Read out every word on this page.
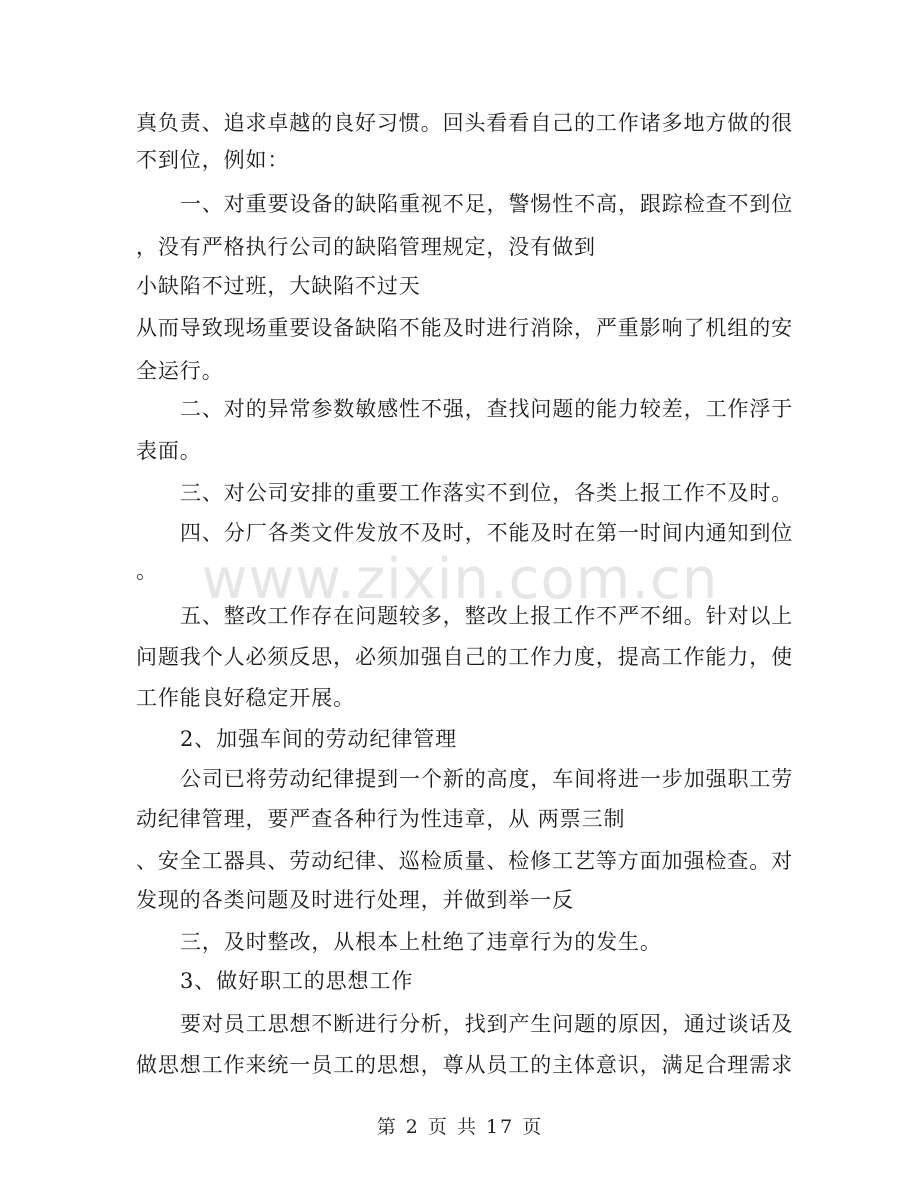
真负责、追求卓越的良好习惯。回头看看自己的工作诸多地方做的很
不到位，例如：
一、对重要设备的缺陷重视不足，警惕性不高，跟踪检查不到位
，没有严格执行公司的缺陷管理规定，没有做到
小缺陷不过班，大缺陷不过天
从而导致现场重要设备缺陷不能及时进行消除，严重影响了机组的安
全运行。
二、对的异常参数敏感性不强，查找问题的能力较差，工作浮于
表面。
三、对公司安排的重要工作落实不到位，各类上报工作不及时。
四、分厂各类文件发放不及时，不能及时在第一时间内通知到位
。
五、整改工作存在问题较多，整改上报工作不严不细。针对以上
问题我个人必须反思，必须加强自己的工作力度，提高工作能力，使
工作能良好稳定开展。
2、加强车间的劳动纪律管理
公司已将劳动纪律提到一个新的高度，车间将进一步加强职工劳
动纪律管理，要严查各种行为性违章，从 两票三制
、安全工器具、劳动纪律、巡检质量、检修工艺等方面加强检查。对
发现的各类问题及时进行处理，并做到举一反
三，及时整改，从根本上杜绝了违章行为的发生。
3、做好职工的思想工作
要对员工思想不断进行分析，找到产生问题的原因，通过谈话及
做思想工作来统一员工的思想，尊从员工的主体意识，满足合理需求
www.zixin.com.cn
第 2 页 共 17 页
